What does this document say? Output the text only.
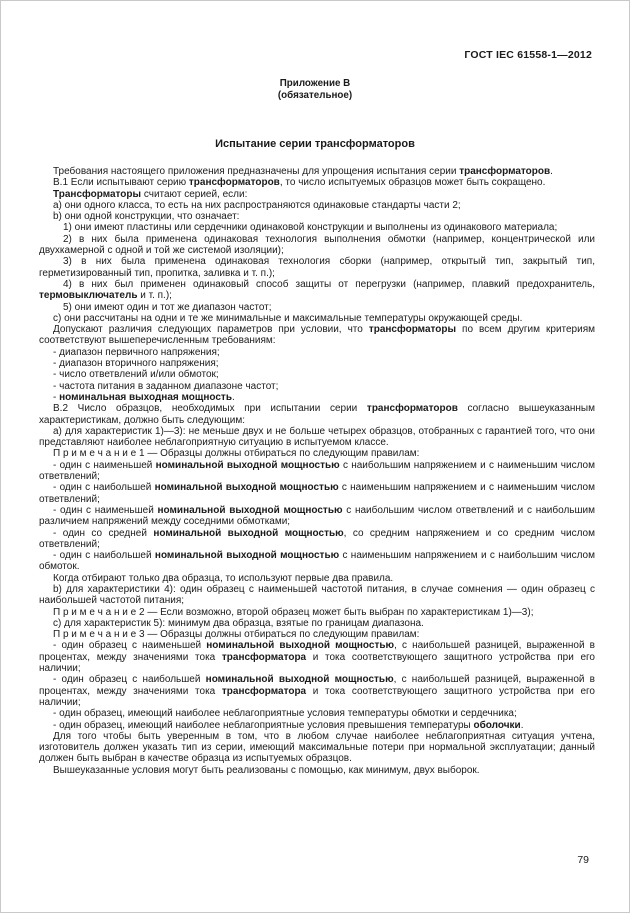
ГОСТ IEC 61558-1—2012
Приложение В
(обязательное)
Испытание серии трансформаторов

Требования настоящего приложения предназначены для упрощения испытания серии трансформаторов.

В.1 Если испытывают серию трансформаторов, то число испытуемых образцов может быть сокращено.

Трансформаторы считают серией, если:

a) они одного класса, то есть на них распространяются одинаковые стандарты части 2;

b) они одной конструкции, что означает:

1) они имеют пластины или сердечники одинаковой конструкции и выполнены из одинакового материала;

2) в них была применена одинаковая технология выполнения обмотки (например, концентрической или двухкамерной с одной и той же системой изоляции);

3) в них была применена одинаковая технология сборки (например, открытый тип, закрытый тип, герметизированный тип, пропитка, заливка и т. п.);

4) в них был применен одинаковый способ защиты от перегрузки (например, плавкий предохранитель, термовыключатель и т. п.);

5) они имеют один и тот же диапазон частот;

c) они рассчитаны на одни и те же минимальные и максимальные температуры окружающей среды.

Допускают различия следующих параметров при условии, что трансформаторы по всем другим критериям соответствуют вышеперечисленным требованиям:

- диапазон первичного напряжения;

- диапазон вторичного напряжения;

- число ответвлений и/или обмоток;

- частота питания в заданном диапазоне частот;

- номинальная выходная мощность.

В.2 Число образцов, необходимых при испытании серии трансформаторов согласно вышеуказанным характеристикам, должно быть следующим:

а) для характеристик 1)—3): не меньше двух и не больше четырех образцов, отобранных с гарантией того, что они представляют наиболее неблагоприятную ситуацию в испытуемом классе.

П р и м е ч а н и е 1 — Образцы должны отбираться по следующим правилам:

- один с наименьшей номинальной выходной мощностью с наибольшим напряжением и с наименьшим числом ответвлений;

- один с наибольшей номинальной выходной мощностью с наименьшим напряжением и с наименьшим числом ответвлений;

- один с наименьшей номинальной выходной мощностью с наибольшим числом ответвлений и с наибольшим различием напряжений между соседними обмотками;

- один со средней номинальной выходной мощностью, со средним напряжением и со средним числом ответвлений;

- один с наибольшей номинальной выходной мощностью с наименьшим напряжением и с наибольшим числом обмоток.

Когда отбирают только два образца, то используют первые два правила.

b) для характеристики 4): один образец с наименьшей частотой питания, в случае сомнения — один образец с наибольшей частотой питания;

П р и м е ч а н и е 2 — Если возможно, второй образец может быть выбран по характеристикам 1)—3);

с) для характеристик 5): минимум два образца, взятые по границам диапазона.

П р и м е ч а н и е 3 — Образцы должны отбираться по следующим правилам:

- один образец с наименьшей номинальной выходной мощностью, с наибольшей разницей, выраженной в процентах, между значениями тока трансформатора и тока соответствующего защитного устройства при его наличии;

- один образец с наибольшей номинальной выходной мощностью, с наибольшей разницей, выраженной в процентах, между значениями тока трансформатора и тока соответствующего защитного устройства при его наличии;

- один образец, имеющий наиболее неблагоприятные условия температуры обмотки и сердечника;

- один образец, имеющий наиболее неблагоприятные условия превышения температуры оболочки.

Для того чтобы быть уверенным в том, что в любом случае наиболее неблагоприятная ситуация учтена, изготовитель должен указать тип из серии, имеющий максимальные потери при нормальной эксплуатации; данный должен быть выбран в качестве образца из испытуемых образцов.

Вышеуказанные условия могут быть реализованы с помощью, как минимум, двух выборок.

79
